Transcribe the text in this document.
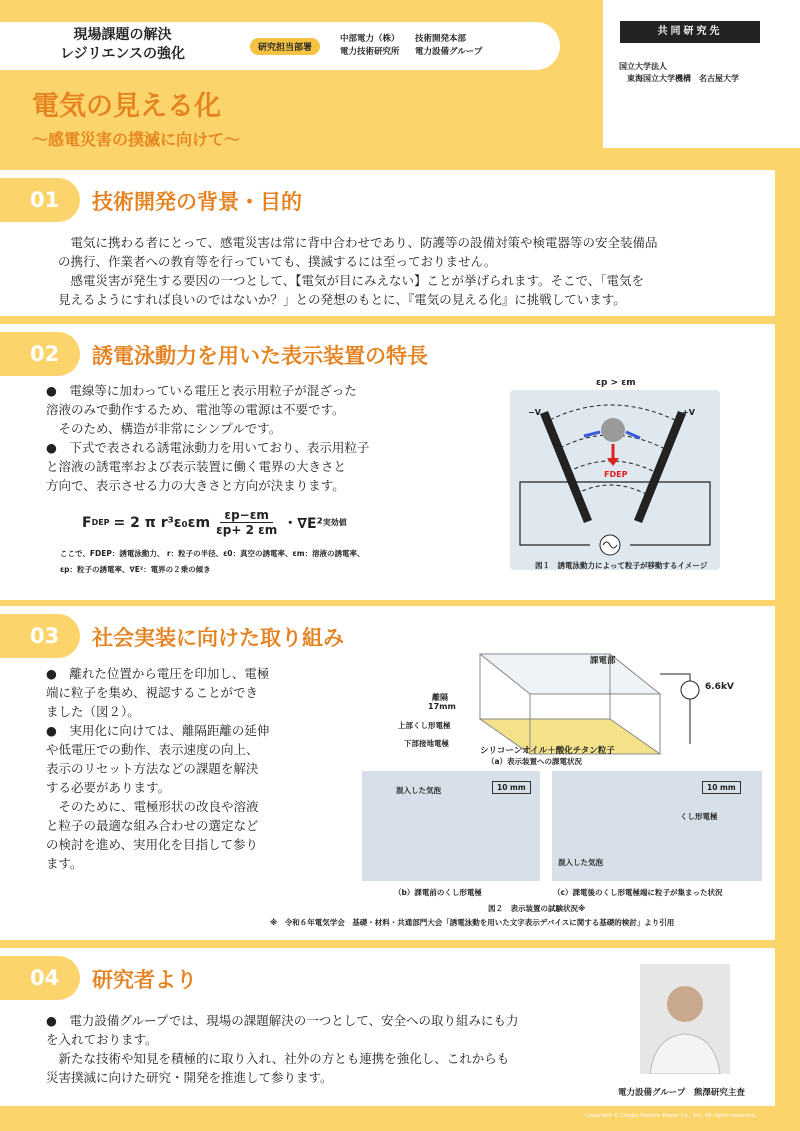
現場課題の解決
レジリエンスの強化	研究担当部署
中部電力（株）
電力技術研究所
技術開発本部
電力設備グループ
共同研究先
国立大学法人
東海国立大学機構　名古屋大学
電気の見える化
〜感電災害の撲滅に向けて〜
01	技術開発の背景・目的
　電気に携わる者にとって、感電災害は常に背中合わせであり、防護等の設備対策や検電器等の安全装備品
の携行、作業者への教育等を行っていても、撲滅するには至っておりません。
　感電災害が発生する要因の一つとして、【電気が目にみえない】ことが挙げられます。そこで、「電気を
見えるようにすれば良いのではないか？」との発想のもとに、『電気の見える化』に挑戦しています。
02	誘電泳動力を用いた表示装置の特長
●　電線等に加わっている電圧と表示用粒子が混ざった
溶液のみで動作するため、電池等の電源は不要です。
　そのため、構造が非常にシンプルです。
●　下式で表される誘電泳動力を用いており、表示用粒子
と溶液の誘電率および表示装置に働く電界の大きさと
方向で、表示させる力の大きさと方向が決まります。
F DEP = 2 π r³ε₀εm	εp−εm
εp+ 2 εm ・∇E² 実効値
ここで、FDEP：誘電泳動力、 r：粒子の半径、ε0：真空の誘電率、εm：溶液の誘電率、
εp：粒子の誘電率、∇E²：電界の２乗の傾き
εp > εm
−V	+V
FDEP
図１　誘電泳動力によって粒子が移動するイメージ
03	社会実装に向けた取り組み
●　離れた位置から電圧を印加し、電極
端に粒子を集め、視認することができ
ました（図２）。
●　実用化に向けては、離隔距離の延伸
や低電圧での動作、表示速度の向上、
表示のリセット方法などの課題を解決
する必要があります。
　そのために、電極形状の改良や溶液
と粒子の最適な組み合わせの選定など
の検討を進め、実用化を目指して参り
ます。
課電部
6.6kV
離隔
17mm
上部くし形電極
下部接地電極
シリコーンオイル＋酸化チタン粒子
（a）表示装置への課電状況
混入した気泡	10 mm	10 mm
くし形電極
混入した気泡
（b）課電前のくし形電極	（c）課電後のくし形電極端に粒子が集まった状況
図２　表示装置の試験状況※
※　令和６年電気学会　基礎・材料・共通部門大会「誘電泳動を用いた文字表示デバイスに関する基礎的検討」より引用
04	研究者より
●　電力設備グループでは、現場の課題解決の一つとして、安全への取り組みにも力
を入れております。
　新たな技術や知見を積極的に取り入れ、社外の方とも連携を強化し、これからも
災害撲滅に向けた研究・開発を推進して参ります。
電力設備グループ　熊澤研究主査
Copyright © Chubu Electric Power Co., Inc. All rights reserved.
